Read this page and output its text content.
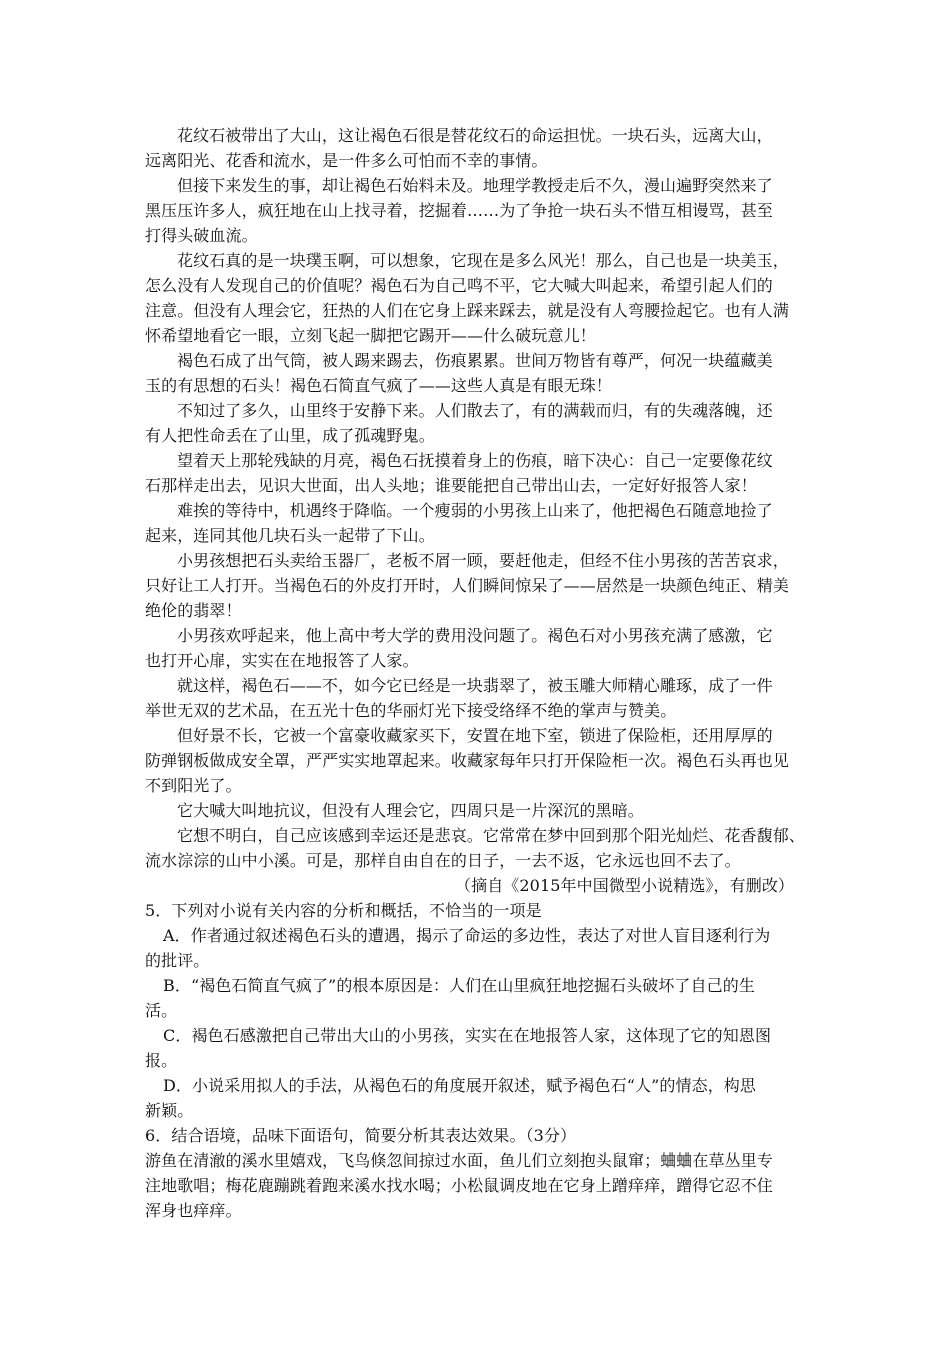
花纹石被带出了大山，这让褐色石很是替花纹石的命运担忧。一块石头，远离大山，
远离阳光、花香和流水，是一件多么可怕而不幸的事情。
但接下来发生的事，却让褐色石始料未及。地理学教授走后不久，漫山遍野突然来了
黑压压许多人，疯狂地在山上找寻着，挖掘着……为了争抢一块石头不惜互相谩骂，甚至
打得头破血流。
花纹石真的是一块璞玉啊，可以想象，它现在是多么风光！那么，自己也是一块美玉，
怎么没有人发现自己的价值呢？褐色石为自己鸣不平，它大喊大叫起来，希望引起人们的
注意。但没有人理会它，狂热的人们在它身上踩来踩去，就是没有人弯腰捡起它。也有人满
怀希望地看它一眼，立刻飞起一脚把它踢开——什么破玩意儿！
褐色石成了出气筒，被人踢来踢去，伤痕累累。世间万物皆有尊严，何况一块蕴藏美
玉的有思想的石头！褐色石简直气疯了——这些人真是有眼无珠！
不知过了多久，山里终于安静下来。人们散去了，有的满载而归，有的失魂落魄，还
有人把性命丢在了山里，成了孤魂野鬼。
望着天上那轮残缺的月亮，褐色石抚摸着身上的伤痕，暗下决心：自己一定要像花纹
石那样走出去，见识大世面，出人头地；谁要能把自己带出山去，一定好好报答人家！
难挨的等待中，机遇终于降临。一个瘦弱的小男孩上山来了，他把褐色石随意地捡了
起来，连同其他几块石头一起带了下山。
小男孩想把石头卖给玉器厂，老板不屑一顾，要赶他走，但经不住小男孩的苦苦哀求，
只好让工人打开。当褐色石的外皮打开时，人们瞬间惊呆了——居然是一块颜色纯正、精美
绝伦的翡翠！
小男孩欢呼起来，他上高中考大学的费用没问题了。褐色石对小男孩充满了感激，它
也打开心扉，实实在在地报答了人家。
就这样，褐色石——不，如今它已经是一块翡翠了，被玉雕大师精心雕琢，成了一件
举世无双的艺术品，在五光十色的华丽灯光下接受络绎不绝的掌声与赞美。
但好景不长，它被一个富豪收藏家买下，安置在地下室，锁进了保险柜，还用厚厚的
防弹钢板做成安全罩，严严实实地罩起来。收藏家每年只打开保险柜一次。褐色石头再也见
不到阳光了。
它大喊大叫地抗议，但没有人理会它，四周只是一片深沉的黑暗。
它想不明白，自己应该感到幸运还是悲哀。它常常在梦中回到那个阳光灿烂、花香馥郁、
流水淙淙的山中小溪。可是，那样自由自在的日子，一去不返，它永远也回不去了。
（摘自《2015年中国微型小说精选》，有删改）
5．下列对小说有关内容的分析和概括，不恰当的一项是
A．作者通过叙述褐色石头的遭遇，揭示了命运的多边性，表达了对世人盲目逐利行为
的批评。
B．“褐色石简直气疯了”的根本原因是：人们在山里疯狂地挖掘石头破坏了自己的生
活。
C．褐色石感激把自己带出大山的小男孩，实实在在地报答人家，这体现了它的知恩图
报。
D．小说采用拟人的手法，从褐色石的角度展开叙述，赋予褐色石“人”的情态，构思
新颖。
6．结合语境，品味下面语句，简要分析其表达效果。（3分）
游鱼在清澈的溪水里嬉戏，飞鸟倏忽间掠过水面，鱼儿们立刻抱头鼠窜；蛐蛐在草丛里专
注地歌唱；梅花鹿蹦跳着跑来溪水找水喝；小松鼠调皮地在它身上蹭痒痒，蹭得它忍不住
浑身也痒痒。
